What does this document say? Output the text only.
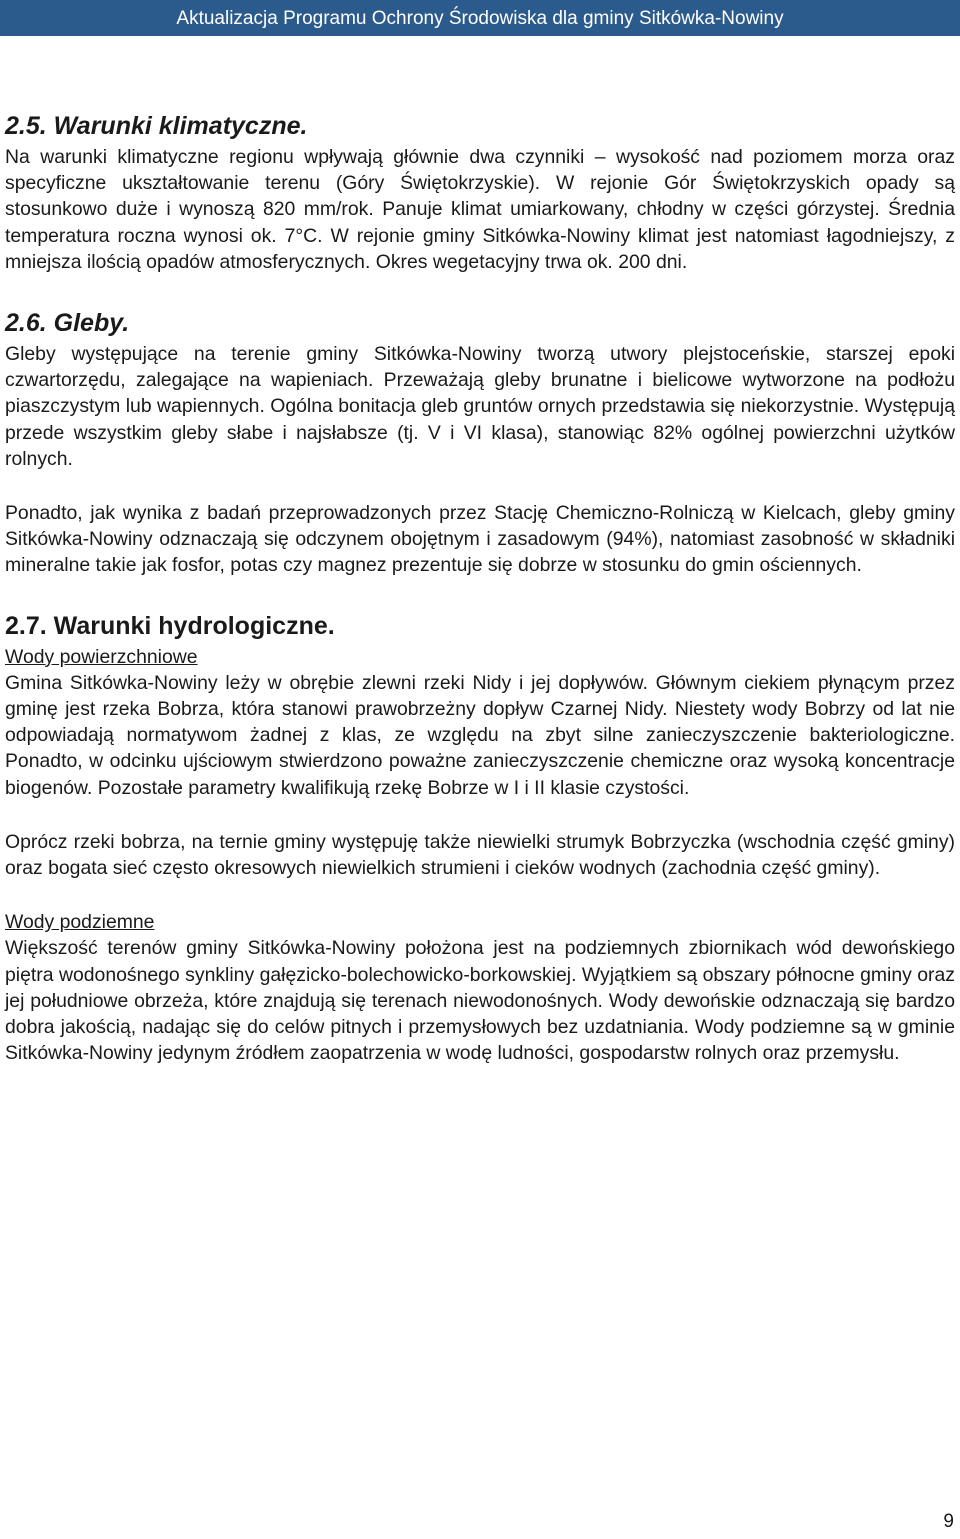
Aktualizacja Programu Ochrony Środowiska dla gminy Sitkówka-Nowiny
2.5. Warunki klimatyczne.

Na warunki klimatyczne regionu wpływają głównie dwa czynniki – wysokość nad poziomem morza oraz specyficzne ukształtowanie terenu (Góry Świętokrzyskie). W rejonie Gór Świętokrzyskich opady są stosunkowo duże i wynoszą 820 mm/rok. Panuje klimat umiarkowany, chłodny w części górzystej. Średnia temperatura roczna wynosi ok. 7°C. W rejonie gminy Sitkówka-Nowiny klimat jest natomiast łagodniejszy, z mniejsza ilością opadów atmosferycznych. Okres wegetacyjny trwa ok. 200 dni.

2.6. Gleby.

Gleby występujące na terenie gminy Sitkówka-Nowiny tworzą utwory plejstoceńskie, starszej epoki czwartorzędu, zalegające na wapieniach. Przeważają gleby brunatne i bielicowe wytworzone na podłożu piaszczystym lub wapiennych. Ogólna bonitacja gleb gruntów ornych przedstawia się niekorzystnie. Występują przede wszystkim gleby słabe i najsłabsze (tj. V i VI klasa), stanowiąc 82% ogólnej powierzchni użytków rolnych.

Ponadto, jak wynika z badań przeprowadzonych przez Stację Chemiczno-Rolniczą w Kielcach, gleby gminy Sitkówka-Nowiny odznaczają się odczynem obojętnym i zasadowym (94%), natomiast zasobność w składniki mineralne takie jak fosfor, potas czy magnez prezentuje się dobrze w stosunku do gmin ościennych.

2.7. Warunki hydrologiczne.
Wody powierzchniowe

Gmina Sitkówka-Nowiny leży w obrębie zlewni rzeki Nidy i jej dopływów. Głównym ciekiem płynącym przez gminę jest rzeka Bobrza, która stanowi prawobrzeżny dopływ Czarnej Nidy. Niestety wody Bobrzy od lat nie odpowiadają normatywom żadnej z klas, ze względu na zbyt silne zanieczyszczenie bakteriologiczne. Ponadto, w odcinku ujściowym stwierdzono poważne zanieczyszczenie chemiczne oraz wysoką koncentracje biogenów. Pozostałe parametry kwalifikują rzekę Bobrze w I i II klasie czystości.

Oprócz rzeki bobrza, na ternie gminy występuję także niewielki strumyk Bobrzyczka (wschodnia część gminy) oraz bogata sieć często okresowych niewielkich strumieni i cieków wodnych (zachodnia część gminy).

Wody podziemne

Większość terenów gminy Sitkówka-Nowiny położona jest na podziemnych zbiornikach wód dewońskiego piętra wodonośnego synkliny gałęzicko-bolechowicko-borkowskiej. Wyjątkiem są obszary północne gminy oraz jej południowe obrzeża, które znajdują się terenach niewodonośnych. Wody dewońskie odznaczają się bardzo dobra jakością, nadając się do celów pitnych i przemysłowych bez uzdatniania. Wody podziemne są w gminie Sitkówka-Nowiny jedynym źródłem zaopatrzenia w wodę ludności, gospodarstw rolnych oraz przemysłu.

9
